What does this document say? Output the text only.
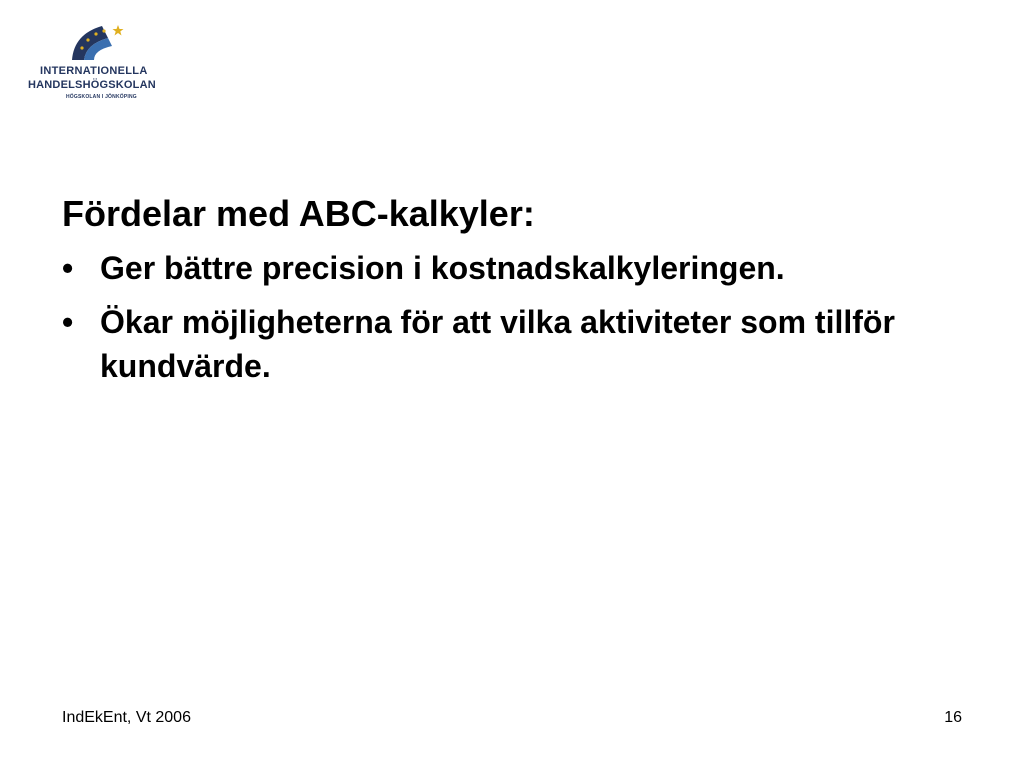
INTERNATIONELLA
HANDELSHÖGSKOLAN
HÖGSKOLAN I JÖNKÖPING
Fördelar med ABC-kalkyler:
• Ger bättre precision i kostnadskalkyleringen.
• Ökar möjligheterna för att vilka aktiviteter som tillför kundvärde.
IndEkEnt, Vt 2006	16
